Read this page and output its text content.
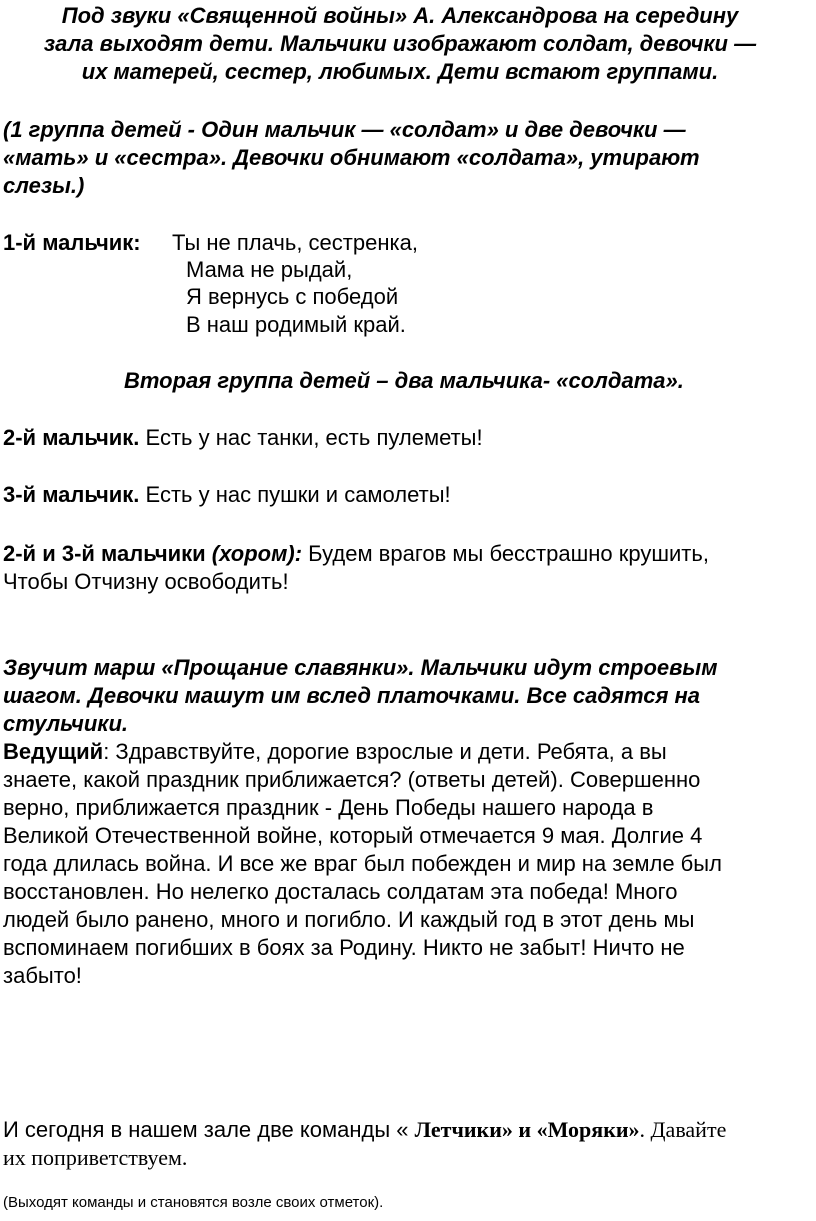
Под звуки «Священной войны» А. Александрова на середину
зала выходят дети. Мальчики изображают солдат, девочки —
их матерей, сестер, любимых. Дети встают группами.
(1 группа детей - Один мальчик — «солдат» и две девочки —
«мать» и «сестра». Девочки обнимают «солдата», утирают
слезы.)
1-й мальчик: Ты не плачь, сестренка,
Мама не рыдай,
Я вернусь с победой
В наш родимый край.
Вторая группа детей – два мальчика- «солдата».
2-й мальчик. Есть у нас танки, есть пулеметы!
3-й мальчик. Есть у нас пушки и самолеты!
2-й и 3-й мальчики (хором): Будем врагов мы бесстрашно крушить,
Чтобы Отчизну освободить!
Звучит марш «Прощание славянки». Мальчики идут строевым
шагом. Девочки машут им вслед платочками. Все садятся на
стульчики.
Ведущий: Здравствуйте, дорогие взрослые и дети. Ребята, а вы
знаете, какой праздник приближается? (ответы детей). Совершенно
верно, приближается праздник - День Победы нашего народа в
Великой Отечественной войне, который отмечается 9 мая. Долгие 4
года длилась война. И все же враг был побежден и мир на земле был
восстановлен. Но нелегко досталась солдатам эта победа! Много
людей было ранено, много и погибло. И каждый год в этот день мы
вспоминаем погибших в боях за Родину. Никто не забыт! Ничто не
забыто!
И сегодня в нашем зале две команды « Летчики» и «Моряки». Давайте
их поприветствуем.
(Выходят команды и становятся возле своих отметок).
